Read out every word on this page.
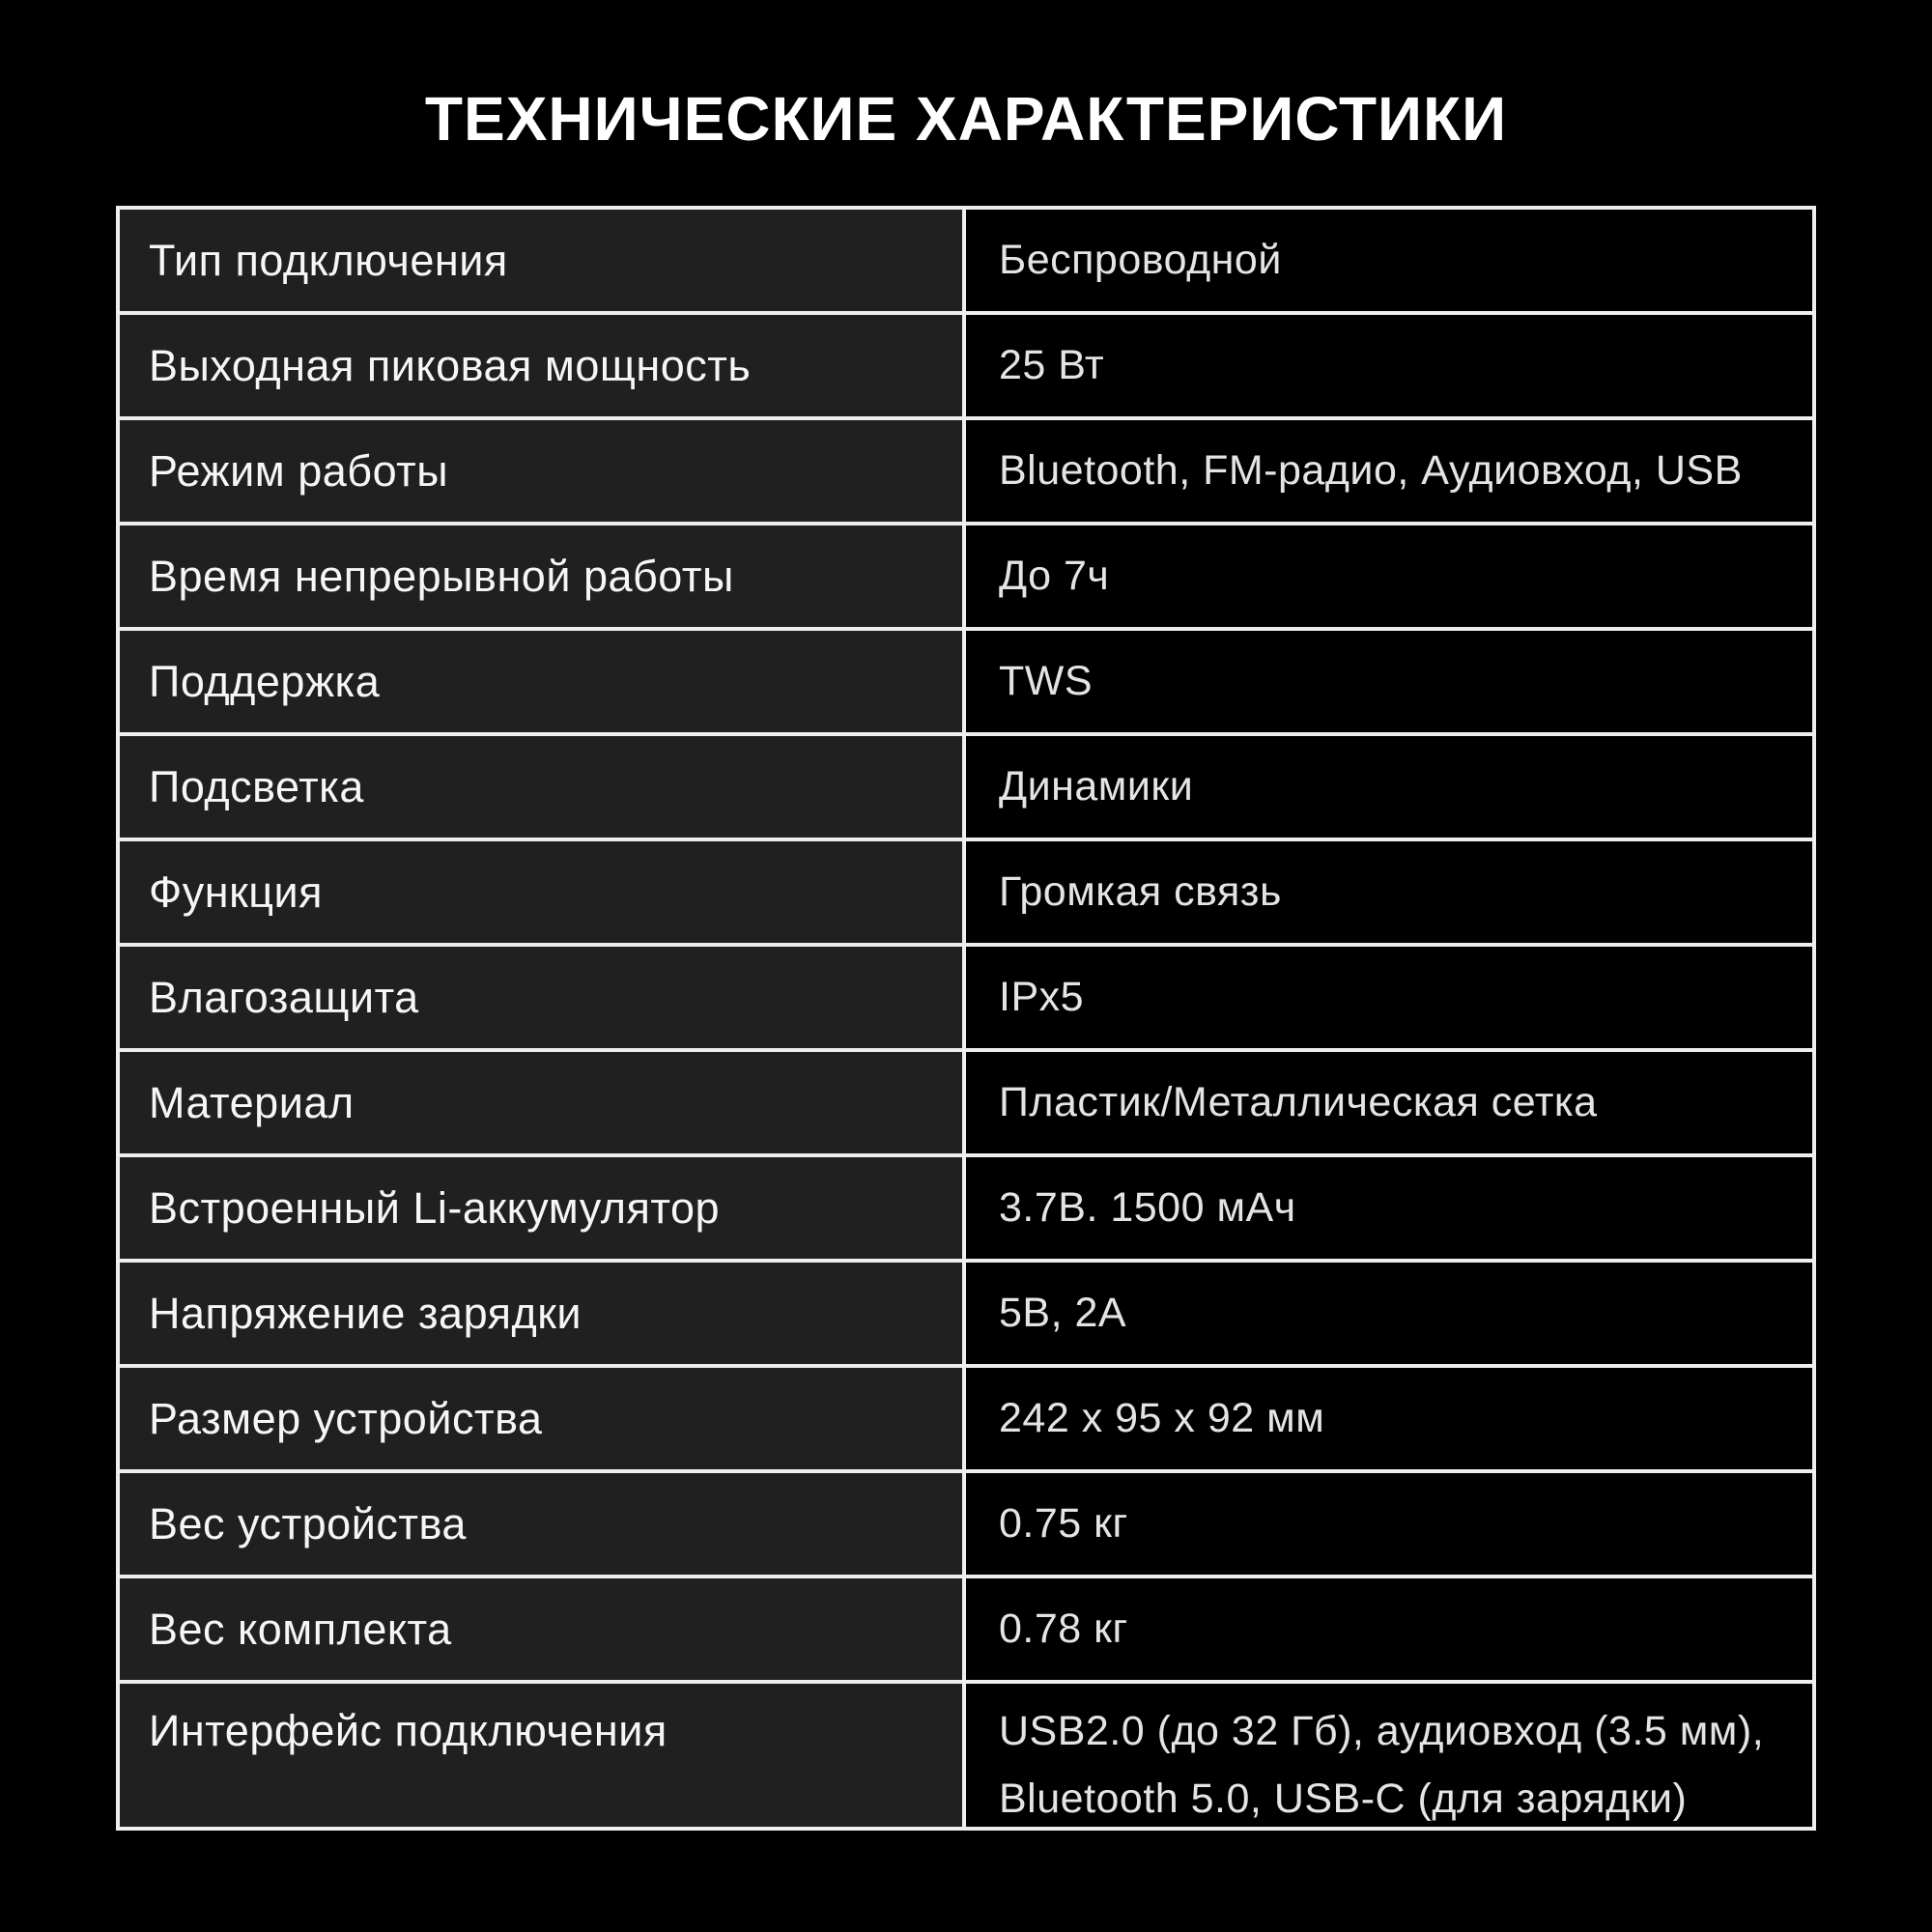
ТЕХНИЧЕСКИЕ ХАРАКТЕРИСТИКИ
Тип подключения	Беспроводной
Выходная пиковая мощность	25 Вт
Режим работы	Bluetooth, FM-радио, Аудиовход, USB
Время непрерывной работы	До 7ч
Поддержка	TWS
Подсветка	Динамики
Функция	Громкая связь
Влагозащита	IPx5
Материал	Пластик/Металлическая сетка
Встроенный Li-аккумулятор	3.7В. 1500 мАч
Напряжение зарядки	5В, 2А
Размер устройства	242 x 95 x 92 мм
Вес устройства	0.75 кг
Вес комплекта	0.78 кг
Интерфейс подключения	USB2.0 (до 32 Гб), аудиовход (3.5 мм), Bluetooth 5.0, USB-C (для зарядки)
